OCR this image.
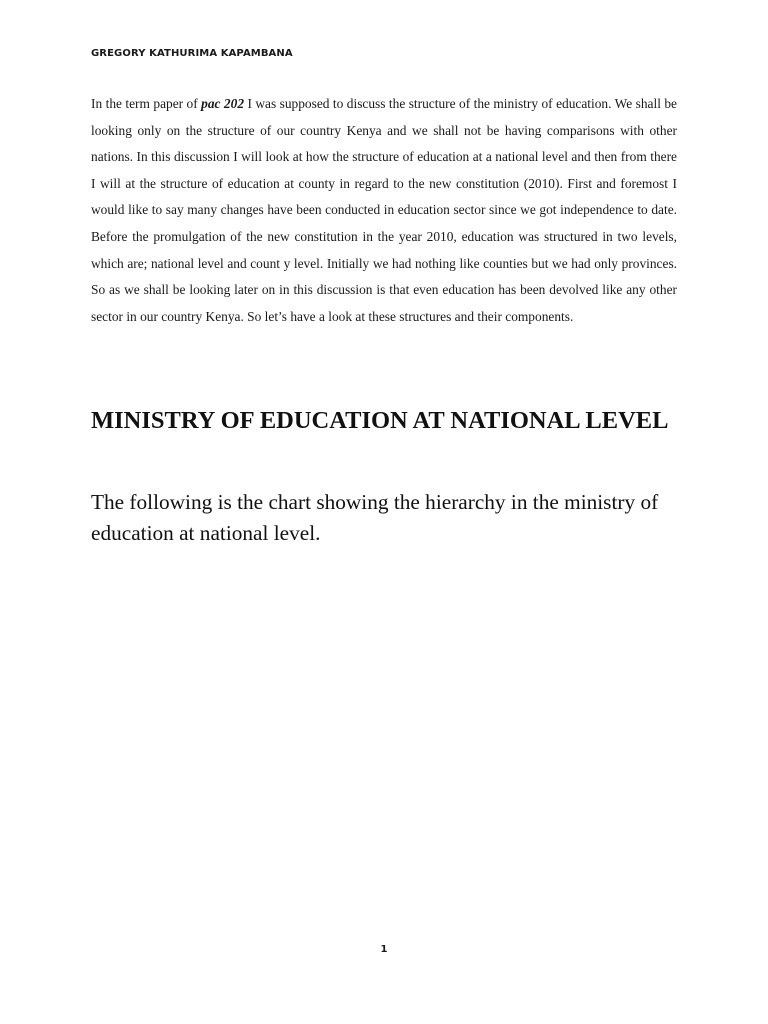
GREGORY KATHURIMA KAPAMBANA

In the term paper of pac 202 I was supposed to discuss the structure of the ministry of education. We shall be looking only on the structure of our country Kenya and we shall not be having comparisons with other nations. In this discussion I will look at how the structure of education at a national level and then from there I will at the structure of education at county in regard to the new constitution (2010). First and foremost I would like to say many changes have been conducted in education sector since we got independence to date. Before the promulgation of the new constitution in the year 2010, education was structured in two levels, which are; national level and count y level. Initially we had nothing like counties but we had only provinces. So as we shall be looking later on in this discussion is that even education has been devolved like any other sector in our country Kenya. So let’s have a look at these structures and their components.

MINISTRY OF EDUCATION AT NATIONAL LEVEL

The following is the chart showing the hierarchy in the ministry of education at national level.

1
